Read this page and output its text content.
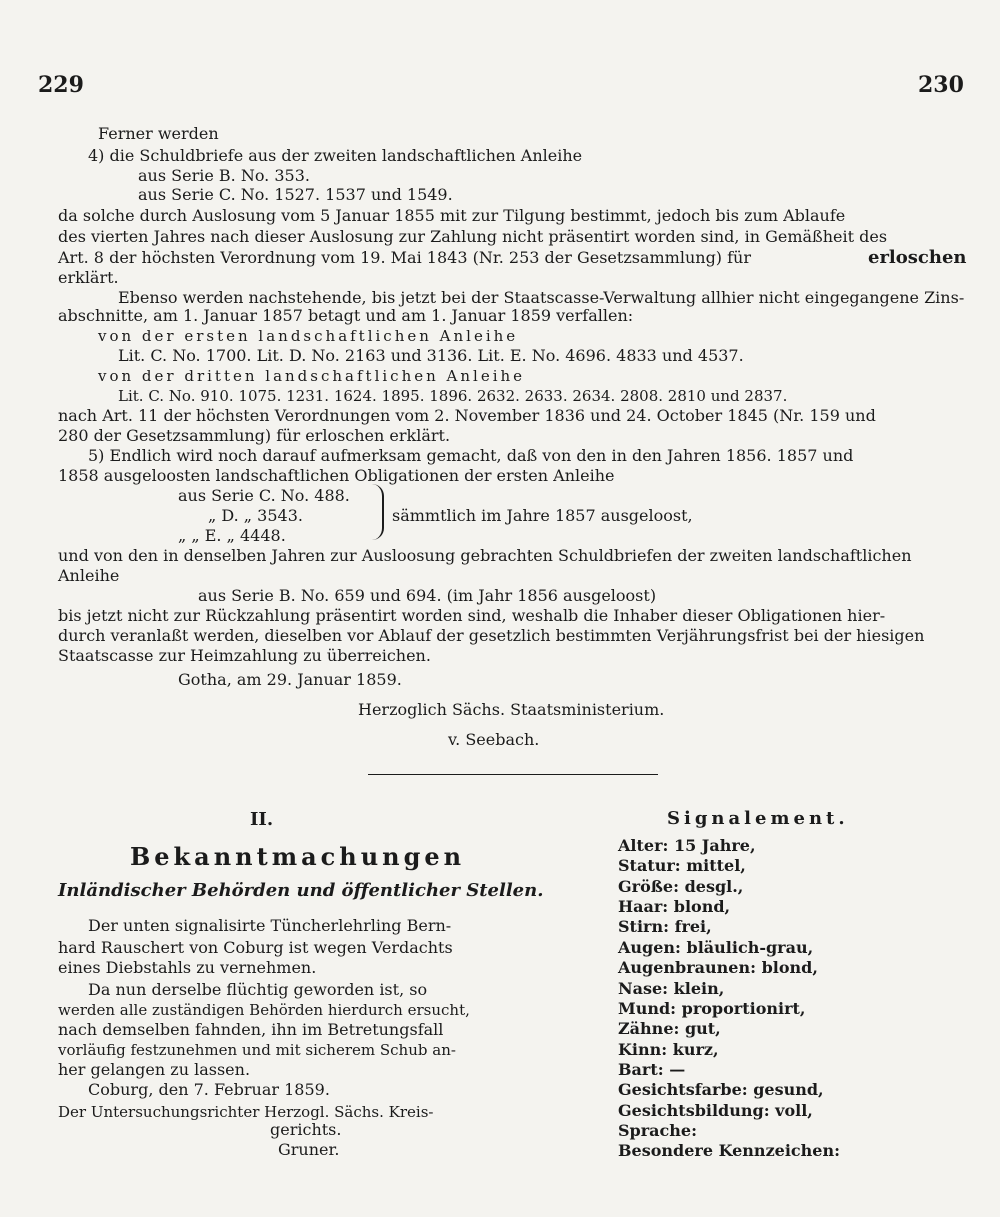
229	230
Ferner werden
4) die Schuldbriefe aus der zweiten landschaftlichen Anleihe
aus Serie B. No. 353.
aus Serie C. No. 1527. 1537 und 1549.
da solche durch Auslosung vom 5 Januar 1855 mit zur Tilgung bestimmt, jedoch bis zum Ablaufe
des vierten Jahres nach dieser Auslosung zur Zahlung nicht präsentirt worden sind, in Gemäßheit des
Art. 8 der höchsten Verordnung vom 19. Mai 1843 (Nr. 253 der Gesetzsammlung) für	erloschen
erklärt.
Ebenso werden nachstehende, bis jetzt bei der Staatscasse-Verwaltung allhier nicht eingegangene Zins-
abschnitte, am 1. Januar 1857 betagt und am 1. Januar 1859 verfallen:
von der ersten landschaftlichen Anleihe
Lit. C. No. 1700. Lit. D. No. 2163 und 3136. Lit. E. No. 4696. 4833 und 4537.
von der dritten landschaftlichen Anleihe
Lit. C. No. 910. 1075. 1231. 1624. 1895. 1896. 2632. 2633. 2634. 2808. 2810 und 2837.
nach Art. 11 der höchsten Verordnungen vom 2. November 1836 und 24. October 1845 (Nr. 159 und
280 der Gesetzsammlung) für erloschen erklärt.
5) Endlich wird noch darauf aufmerksam gemacht, daß von den in den Jahren 1856. 1857 und
1858 ausgeloosten landschaftlichen Obligationen der ersten Anleihe
aus Serie C. No. 488.
„ D. „ 3543.
„ „ E. „ 4448.
sämmtlich im Jahre 1857 ausgeloost,
und von den in denselben Jahren zur Ausloosung gebrachten Schuldbriefen der zweiten landschaftlichen
Anleihe
aus Serie B. No. 659 und 694. (im Jahr 1856 ausgeloost)
bis jetzt nicht zur Rückzahlung präsentirt worden sind, weshalb die Inhaber dieser Obligationen hier-
durch veranlaßt werden, dieselben vor Ablauf der gesetzlich bestimmten Verjährungsfrist bei der hiesigen
Staatscasse zur Heimzahlung zu überreichen.
Gotha, am 29. Januar 1859.
Herzoglich Sächs. Staatsministerium.
v. Seebach.
II.
Bekanntmachungen
Inländischer Behörden und öffentlicher Stellen.
Der unten signalisirte Tüncherlehrling Bern-
hard Rauschert von Coburg ist wegen Verdachts
eines Diebstahls zu vernehmen.
Da nun derselbe flüchtig geworden ist, so
werden alle zuständigen Behörden hierdurch ersucht,
nach demselben fahnden, ihn im Betretungsfall
vorläufig festzunehmen und mit sicherem Schub an-
her gelangen zu lassen.
Coburg, den 7. Februar 1859.
Der Untersuchungsrichter Herzogl. Sächs. Kreis-
gerichts.
Gruner.
Signalement.
Alter: 15 Jahre,
Statur: mittel,
Größe: desgl.,
Haar: blond,
Stirn: frei,
Augen: bläulich-grau,
Augenbraunen: blond,
Nase: klein,
Mund: proportionirt,
Zähne: gut,
Kinn: kurz,
Bart: —
Gesichtsfarbe: gesund,
Gesichtsbildung: voll,
Sprache:
Besondere Kennzeichen:
